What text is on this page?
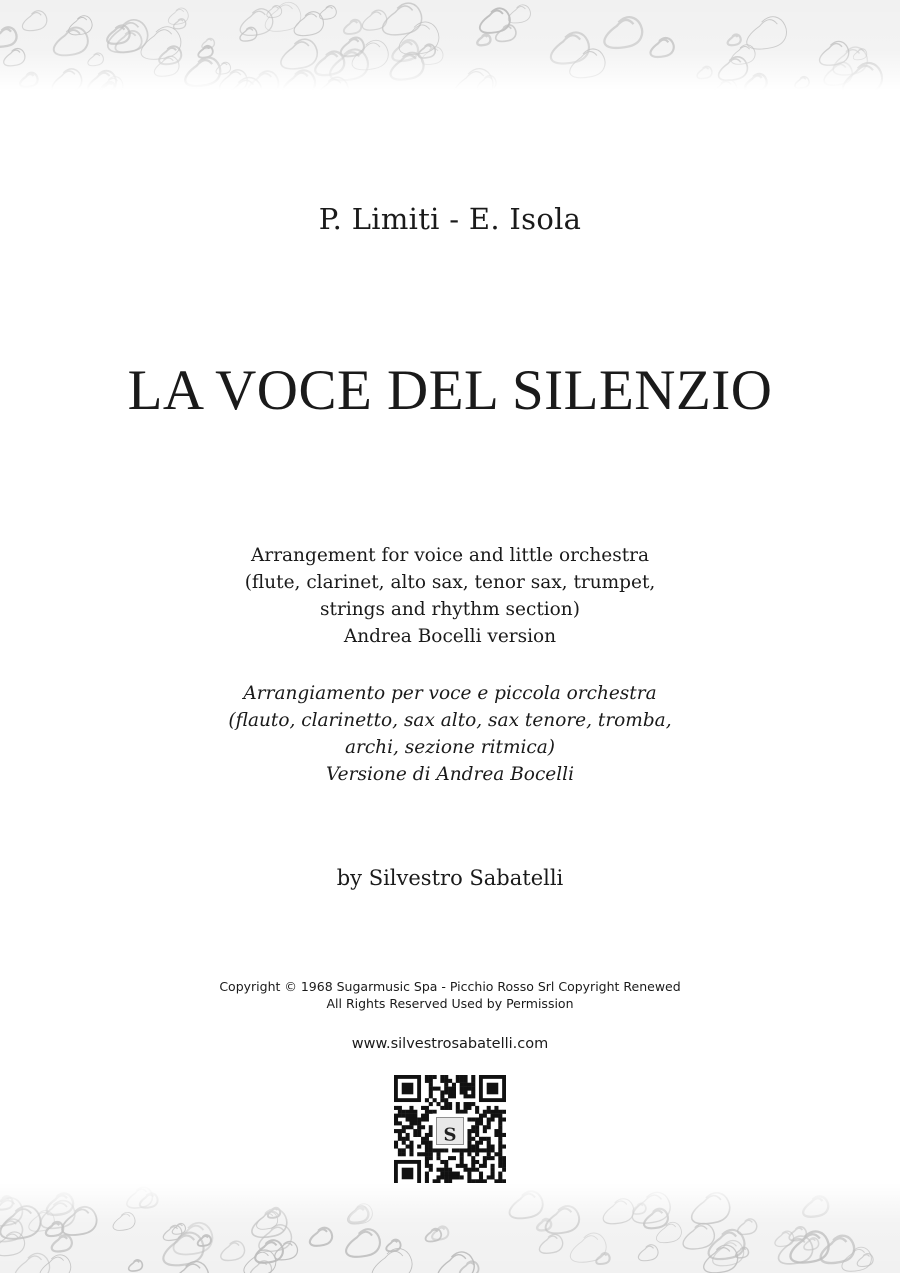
P. Limiti - E. Isola
LA VOCE DEL SILENZIO
Arrangement for voice and little orchestra
(flute, clarinet, alto sax, tenor sax, trumpet,
strings and rhythm section)
Andrea Bocelli version
Arrangiamento per voce e piccola orchestra
(flauto, clarinetto, sax alto, sax tenore, tromba,
archi, sezione ritmica)
Versione di Andrea Bocelli
by Silvestro Sabatelli
Copyright © 1968 Sugarmusic Spa - Picchio Rosso Srl Copyright Renewed
All Rights Reserved Used by Permission
www.silvestrosabatelli.com
S
